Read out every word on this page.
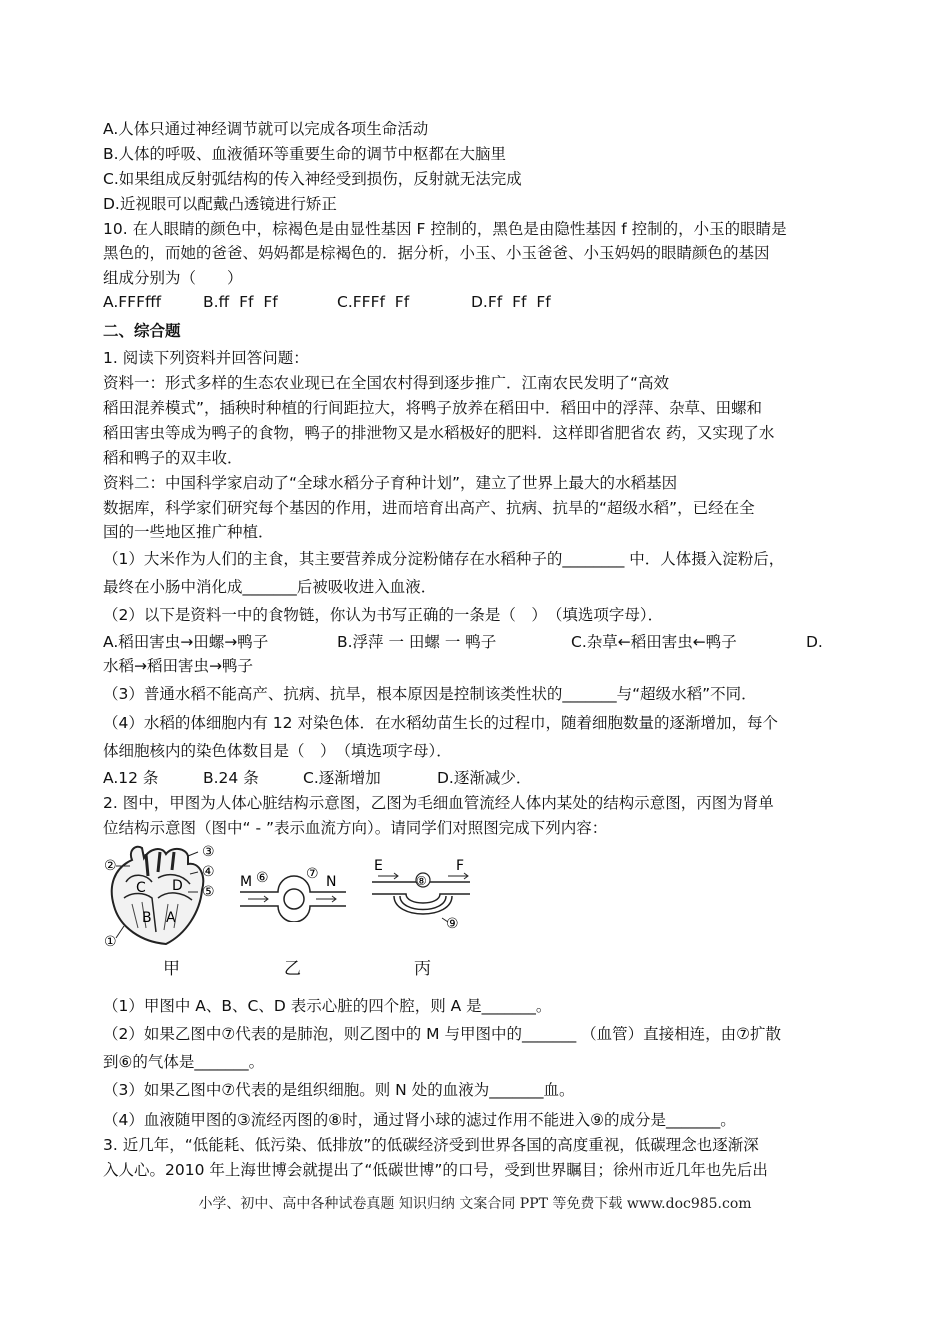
A.人体只通过神经调节就可以完成各项生命活动
B.人体的呼吸、血液循环等重要生命的调节中枢都在大脑里
C.如果组成反射弧结构的传入神经受到损伤，反射就无法完成
D.近视眼可以配戴凸透镜进行矫正
10. 在人眼睛的颜色中，棕褐色是由显性基因 F 控制的，黑色是由隐性基因 f 控制的，小玉的眼睛是
黑色的，而她的爸爸、妈妈都是棕褐色的．据分析，小玉、小玉爸爸、小玉妈妈的眼睛颜色的基因
组成分别为（　　）
A.FFFfff	B.ff  Ff  Ff	C.FFFf  Ff	D.Ff  Ff  Ff
二、综合题
1. 阅读下列资料并回答问题：
资料一：形式多样的生态农业现已在全国农村得到逐步推广．江南农民发明了“高效
稻田混养模式”，插秧时种植的行间距拉大，将鸭子放养在稻田中．稻田中的浮萍、杂草、田螺和
稻田害虫等成为鸭子的食物，鸭子的排泄物又是水稻极好的肥料．这样即省肥省农 药，又实现了水
稻和鸭子的双丰收．
资料二：中国科学家启动了“全球水稻分子育种计划”，建立了世界上最大的水稻基因
数据库，科学家们研究每个基因的作用，进而培育出高产、抗病、抗旱的“超级水稻”，已经在全
国的一些地区推广种植．
（1）大米作为人们的主食，其主要营养成分淀粉储存在水稻种子的________ 中．人体摄入淀粉后，
最终在小肠中消化成_______后被吸收进入血液．
（2）以下是资料一中的食物链，你认为书写正确的一条是（　）　（填选项字母）．
A.稻田害虫→田螺→鸭子	B.浮萍 一 田螺 一 鸭子	C.杂草←稻田害虫←鸭子	D.
水稻→稻田害虫→鸭子
（3）普通水稻不能高产、抗病、抗旱，根本原因是控制该类性状的_______与“超级水稻”不同．
（4）水稻的体细胞内有 12 对染色体．在水稻幼苗生长的过程巾，随着细胞数量的逐渐增加，每个
体细胞核内的染色体数目是（　）　（填选项字母）．
A.12 条	B.24 条	C.逐渐增加	D.逐渐减少．
2. 图中，甲图为人体心脏结构示意图，乙图为毛细血管流经人体内某处的结构示意图，丙图为肾单
位结构示意图（图中“ - ”表示血流方向）。请同学们对照图完成下列内容：
C D
B A
②
③
④
⑤
①
M ⑥	⑦ N
E
⑧
F
⑨
甲	乙	丙
（1）甲图中 A、B、C、D 表示心脏的四个腔，则 A 是_______。
（2）如果乙图中⑦代表的是肺泡，则乙图中的 M 与甲图中的_______ （血管）直接相连，由⑦扩散
到⑥的气体是_______。
（3）如果乙图中⑦代表的是组织细胞。则 N 处的血液为_______血。
（4）血液随甲图的③流经丙图的⑧时，通过肾小球的滤过作用不能进入⑨的成分是_______。
3. 近几年，“低能耗、低污染、低排放”的低碳经济受到世界各国的高度重视，低碳理念也逐渐深
入人心。2010 年上海世博会就提出了“低碳世博”的口号，受到世界瞩目；徐州市近几年也先后出
小学、初中、高中各种试卷真题 知识归纳 文案合同 PPT 等免费下载 www.doc985.com
